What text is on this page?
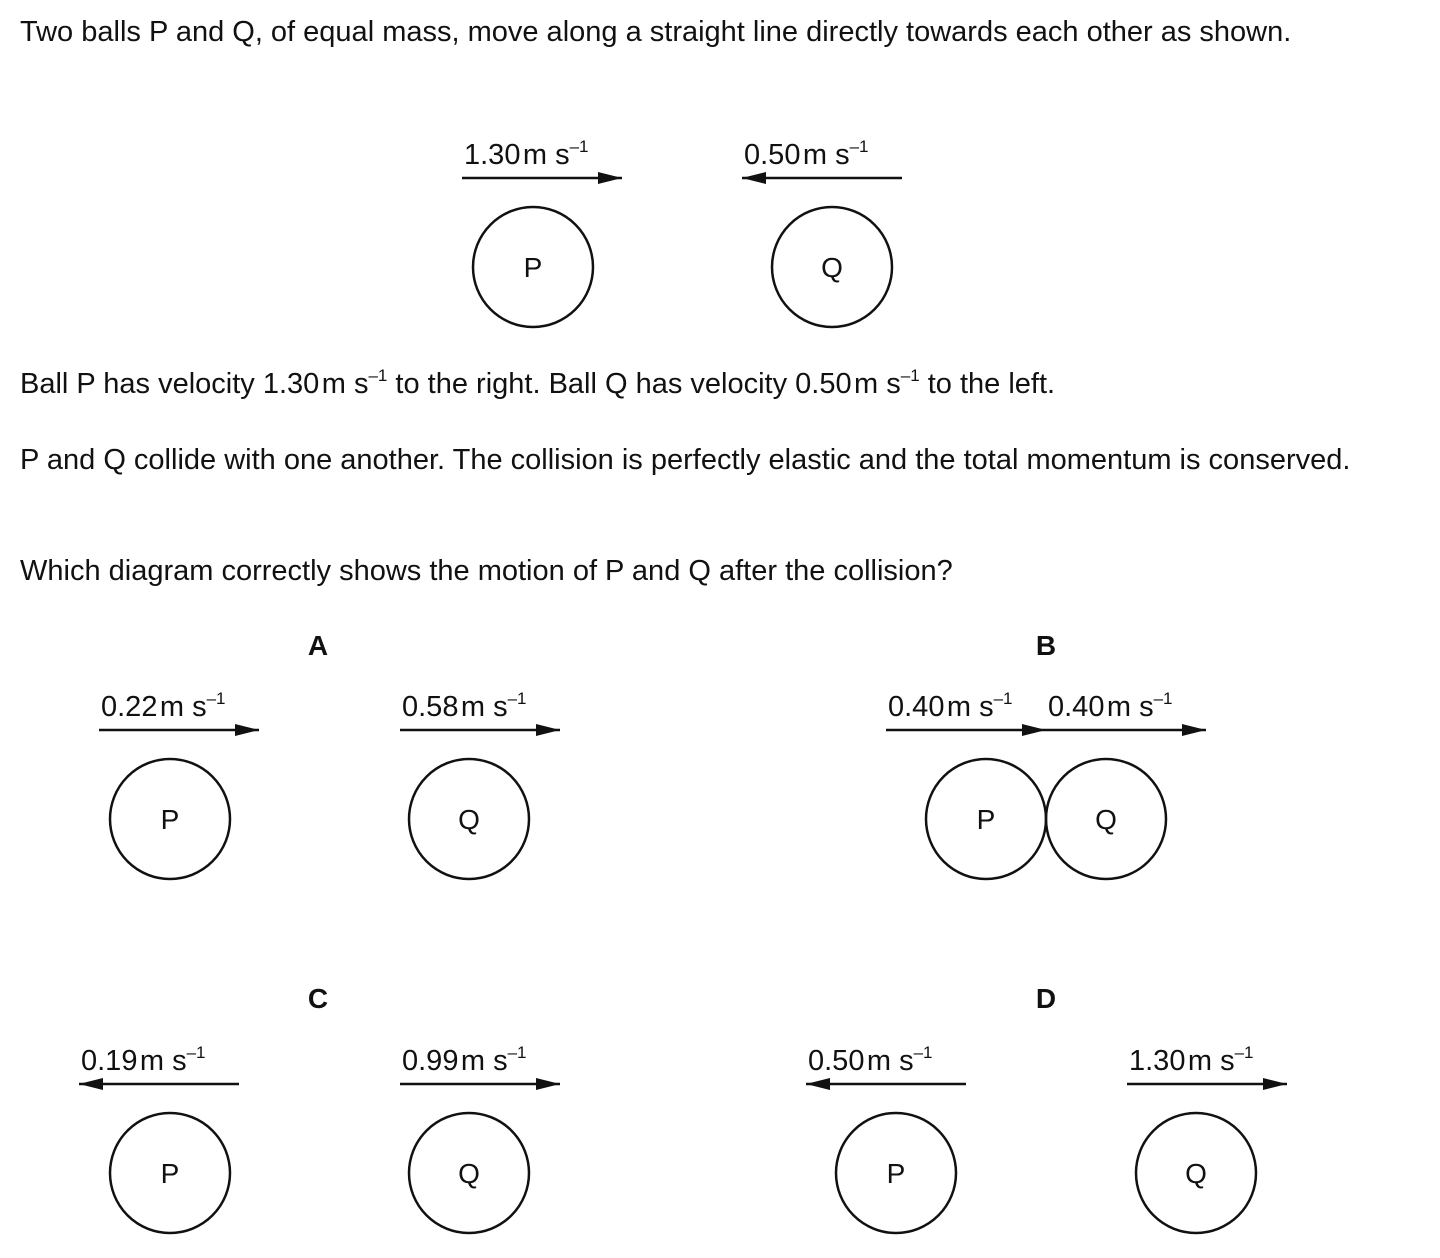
Two balls P and Q, of equal mass, move along a straight line directly towards each other as shown.

Ball P has velocity 1.30 m $s^{-1}$ to the right. Ball Q has velocity 0.50 m $s^{-1}$ to the left.

P and Q collide with one another. The collision is perfectly elastic and the total momentum is conserved.

Which diagram correctly shows the motion of P and Q after the collision?

1.30 m $s^{-1}$
P
0.50 m $s^{-1}$
Q
A
0.22 m $s^{-1}$
P
0.58 m $s^{-1}$
Q
B
0.40 m $s^{-1}$
P
0.40 m $s^{-1}$
Q
C
0.19 m $s^{-1}$
P
0.99 m $s^{-1}$
Q
D
0.50 m $s^{-1}$
P
1.30 m $s^{-1}$
Q
